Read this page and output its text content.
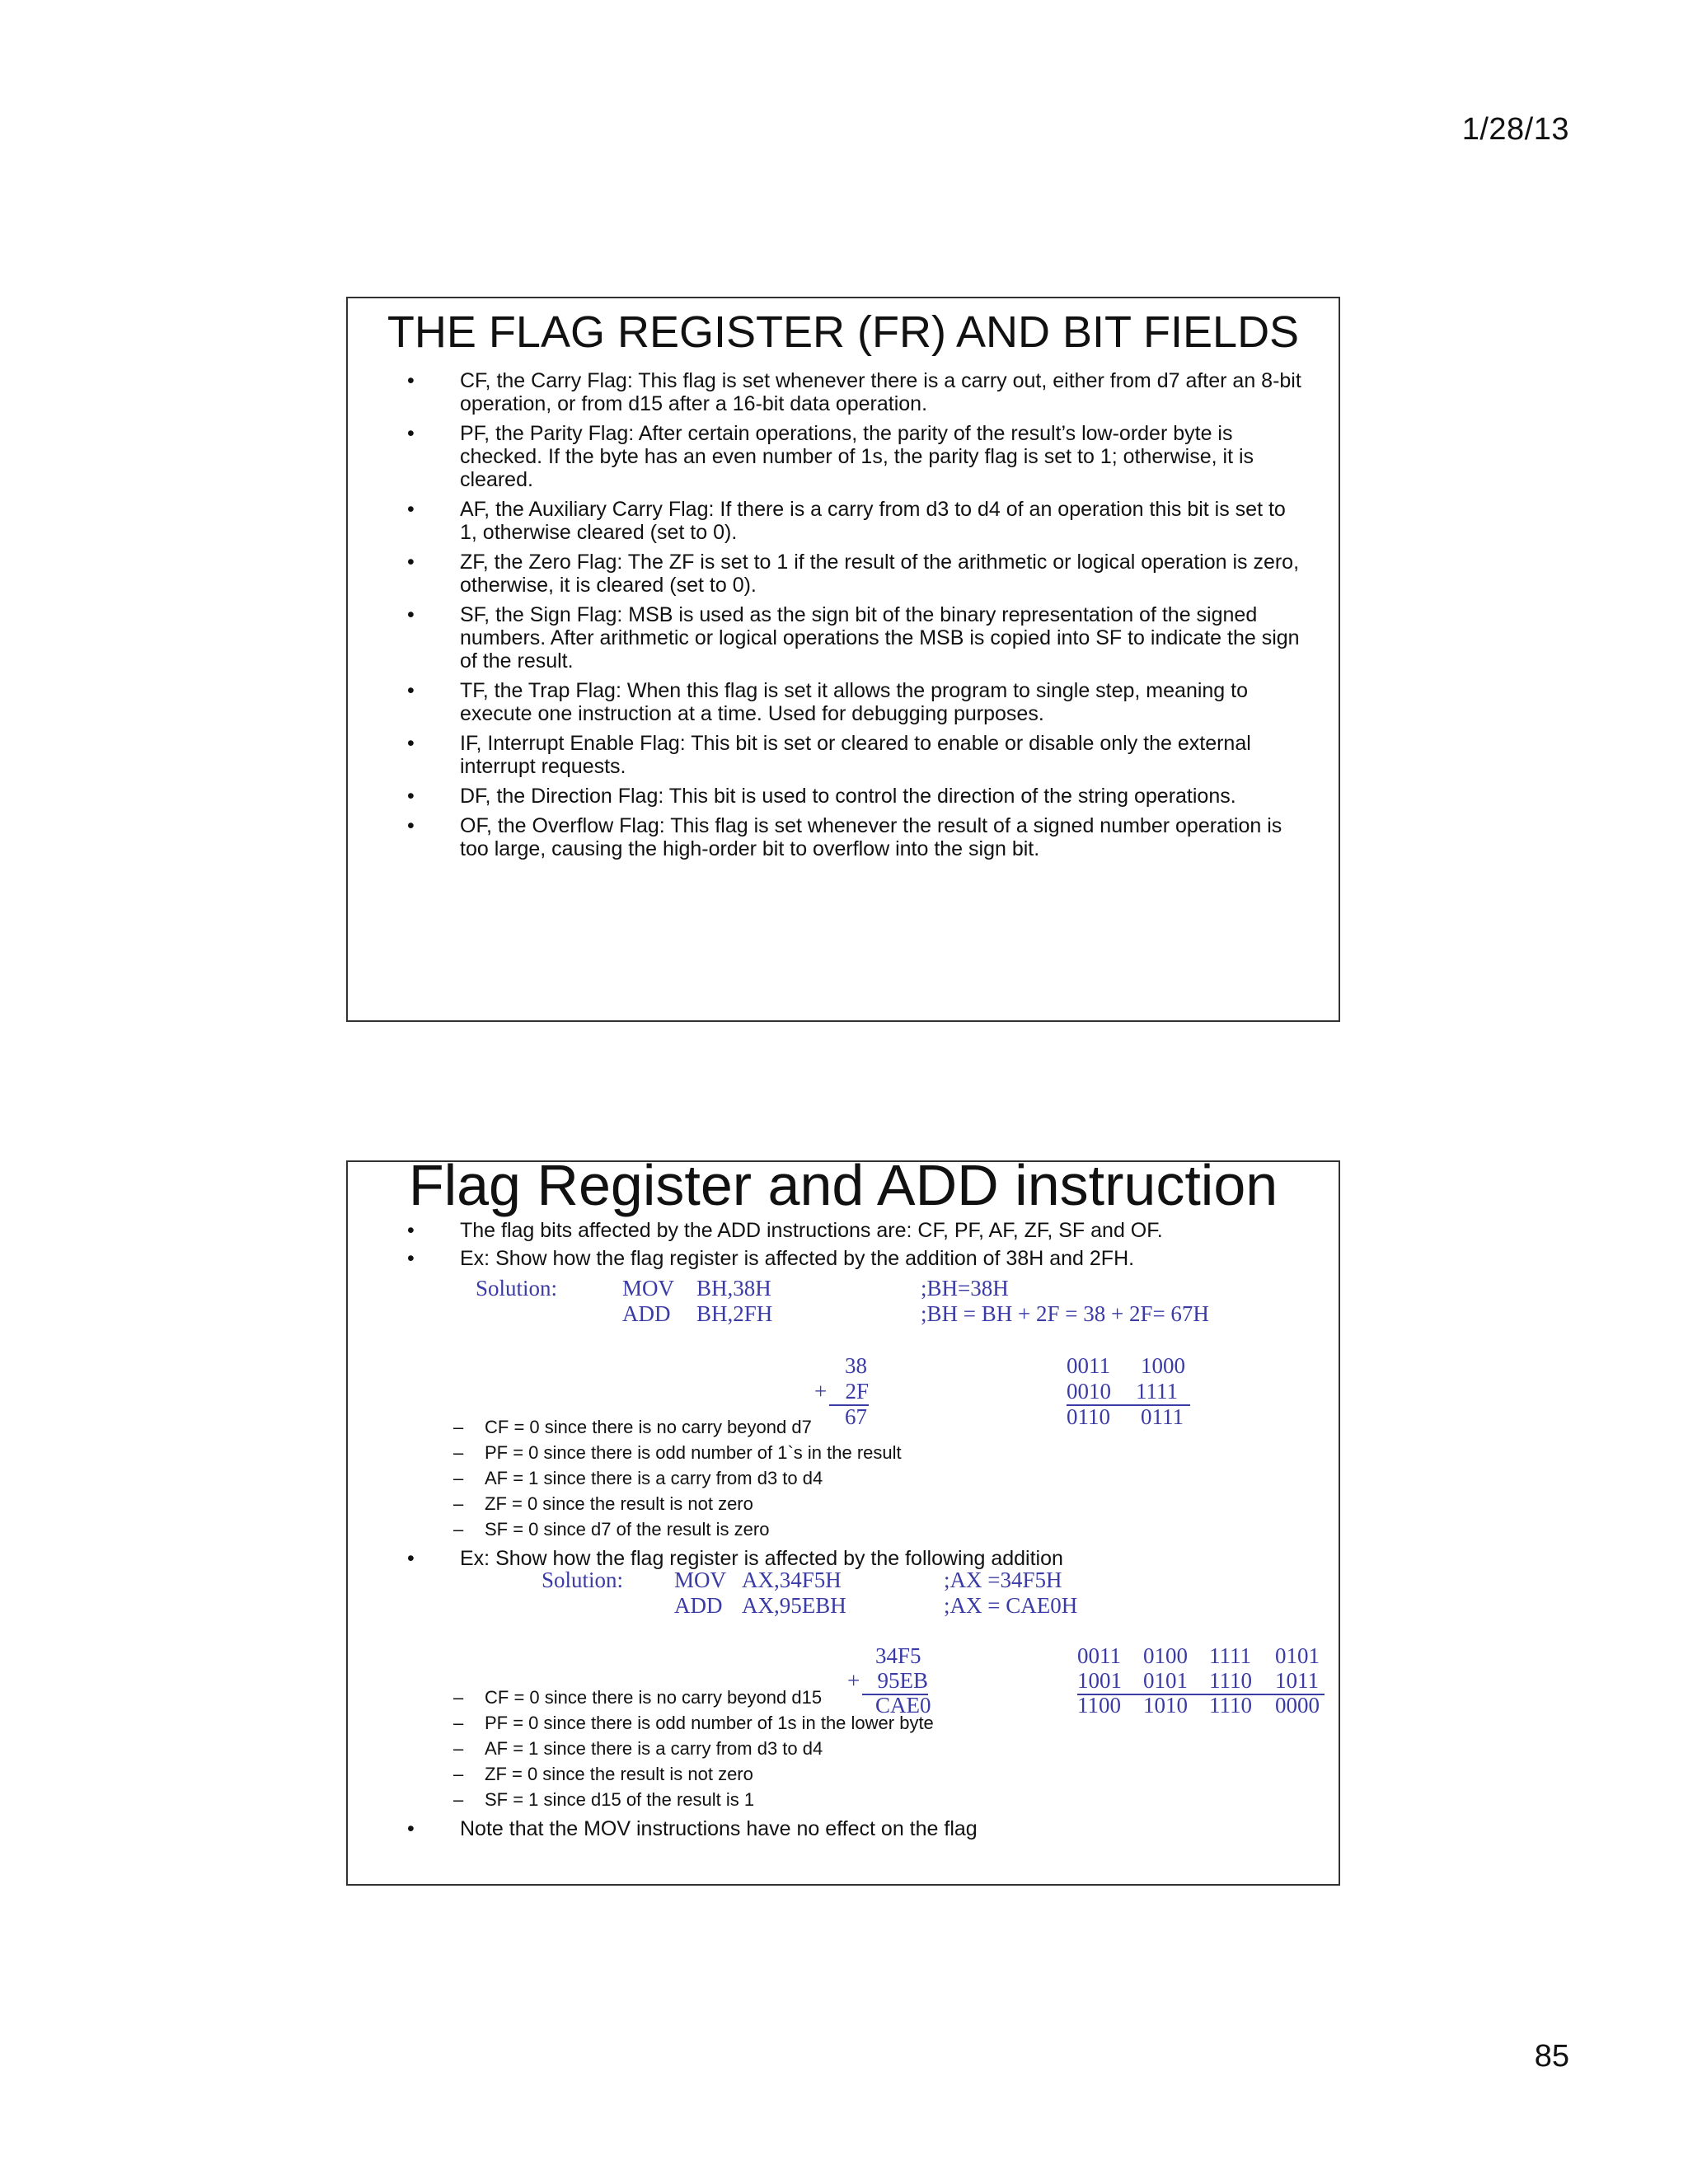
1/28/13
THE FLAG REGISTER (FR) AND BIT FIELDS
• CF, the Carry Flag: This flag is set whenever there is a carry out, either from d7 after an 8-bit operation, or from d15 after a 16-bit data operation.
• PF, the Parity Flag: After certain operations, the parity of the result’s low-order byte is checked. If the byte has an even number of 1s, the parity flag is set to 1; otherwise, it is cleared.
• AF, the Auxiliary Carry Flag: If there is a carry from d3 to d4 of an operation this bit is set to 1, otherwise cleared (set to 0).
• ZF, the Zero Flag: The ZF is set to 1 if the result of the arithmetic or logical operation is zero, otherwise, it is cleared (set to 0).
• SF, the Sign Flag: MSB is used as the sign bit of the binary representation of the signed numbers. After arithmetic or logical operations the MSB is copied into SF to indicate the sign of the result.
• TF, the Trap Flag: When this flag is set it allows the program to single step, meaning to execute one instruction at a time. Used for debugging purposes.
• IF, Interrupt Enable Flag: This bit is set or cleared to enable or disable only the external interrupt requests.
• DF, the Direction Flag: This bit is used to control the direction of the string operations.
• OF, the Overflow Flag: This flag is set whenever the result of a signed number operation is too large, causing the high-order bit to overflow into the sign bit.
Flag Register and ADD instruction
• The flag bits affected by the ADD instructions are: CF, PF, AF, ZF, SF and OF.
• Ex: Show how the flag register is affected by the addition of 38H and 2FH.
Solution:	MOV BH,38H	;BH=38H
ADD BH,2FH	;BH = BH + 2F = 38 + 2F= 67H
38
+ 2F
67
0011 1000
0010 1111
0110 0111
– CF = 0 since there is no carry beyond d7
– PF = 0 since there is odd number of 1`s in the result
– AF = 1 since there is a carry from d3 to d4
– ZF = 0 since the result is not zero
– SF = 0 since d7 of the result is zero
• Ex: Show how the flag register is affected by the following addition
Solution: MOV AX,34F5H	;AX =34F5H
ADD AX,95EBH	;AX = CAE0H
34F5
+ 95EB
CAE0
0011 0100 1111 0101
1001 0101 1110 1011
1100 1010 1110 0000
– CF = 0 since there is no carry beyond d15
– PF = 0 since there is odd number of 1s in the lower byte
– AF = 1 since there is a carry from d3 to d4
– ZF = 0 since the result is not zero
– SF = 1 since d15 of the result is 1
• Note that the MOV instructions have no effect on the flag
85
